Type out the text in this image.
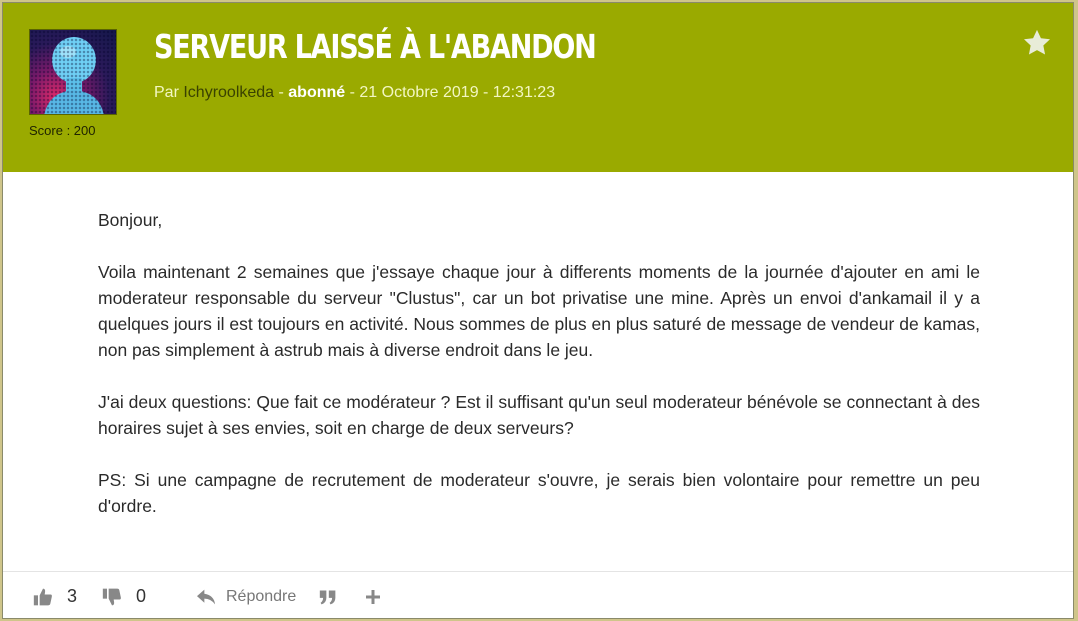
Score : 200
SERVEUR LAISSÉ À L'ABANDON
Par Ichyroolkeda - abonné - 21 Octobre 2019 - 12:31:23

Bonjour,

Voila maintenant 2 semaines que j'essaye chaque jour à differents moments de la journée d'ajouter en ami le moderateur responsable du serveur "Clustus", car un bot privatise une mine. Après un envoi d'ankamail il y a quelques jours il est toujours en activité. Nous sommes de plus en plus saturé de message de vendeur de kamas, non pas simplement à astrub mais à diverse endroit dans le jeu.

J'ai deux questions: Que fait ce modérateur ? Est il suffisant qu'un seul moderateur bénévole se connectant à des horaires sujet à ses envies, soit en charge de deux serveurs?

PS: Si une campagne de recrutement de moderateur s'ouvre, je serais bien volontaire pour remettre un peu d'ordre.

3	0	Répondre
